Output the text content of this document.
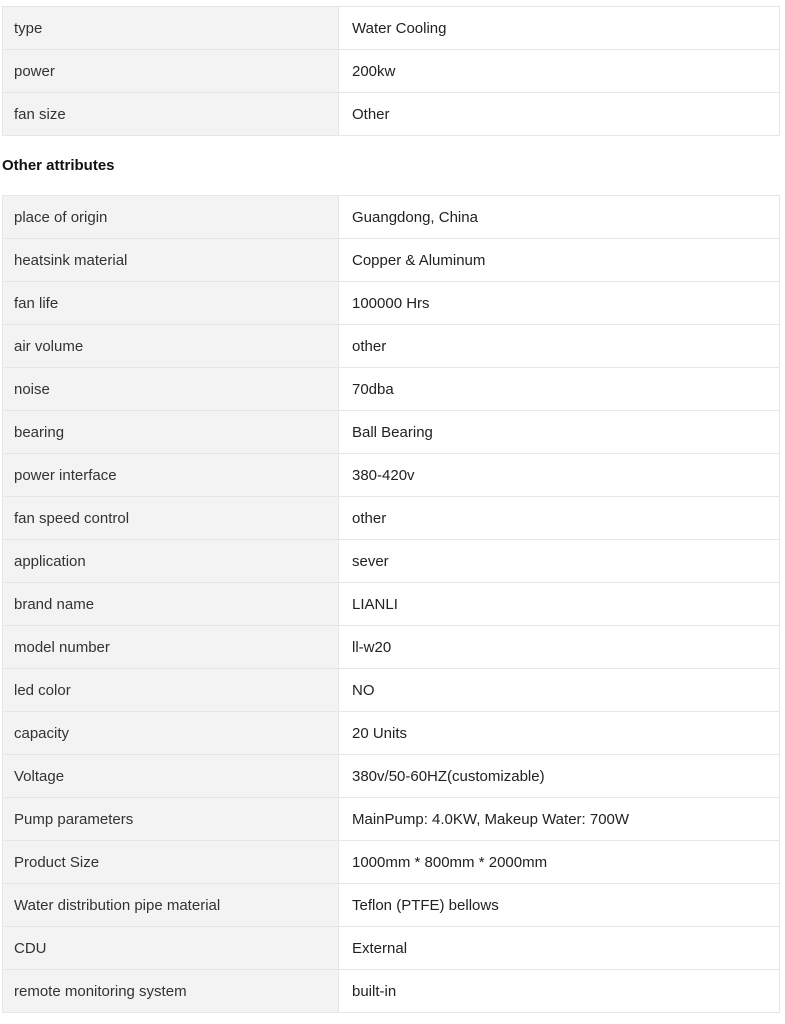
type	Water Cooling
power	200kw
fan size	Other
Other attributes
place of origin	Guangdong, China
heatsink material	Copper & Aluminum
fan life	100000 Hrs
air volume	other
noise	70dba
bearing	Ball Bearing
power interface	380-420v
fan speed control	other
application	sever
brand name	LIANLI
model number	ll-w20
led color	NO
capacity	20 Units
Voltage	380v/50-60HZ(customizable)
Pump parameters	MainPump: 4.0KW, Makeup Water: 700W
Product Size	1000mm * 800mm * 2000mm
Water distribution pipe material	Teflon (PTFE) bellows
CDU	External
remote monitoring system	built-in
